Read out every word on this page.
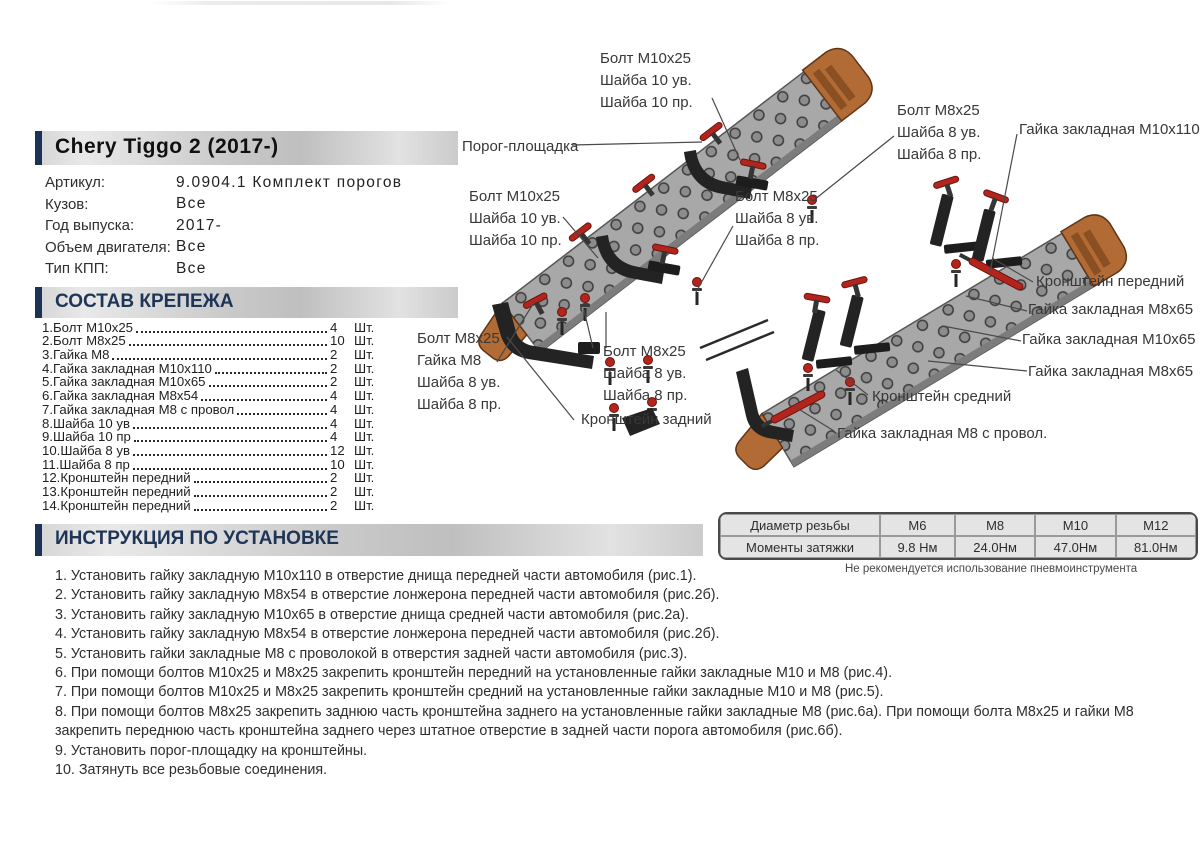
Chery Tiggo 2 (2017-)
Артикул:	9.0904.1 Комплект порогов
Кузов:	Все
Год выпуска:	2017-
Объем двигателя: Все
Тип КПП:	Все
СОСТАВ КРЕПЕЖА
1.Болт М10х25	4	Шт.
2.Болт М8х25	10 Шт.
3.Гайка М8	2	Шт.
4.Гайка закладная М10х110	2	Шт.
5.Гайка закладная М10х65	2	Шт.
6.Гайка закладная М8х54	4	Шт.
7.Гайка закладная М8 с провол	4	Шт.
8.Шайба 10 ув	4	Шт.
9.Шайба 10 пр	4	Шт.
10.Шайба 8 ув	12 Шт.
11.Шайба 8 пр	10 Шт.
12.Кронштейн передний	2	Шт.
13.Кронштейн передний	2	Шт.
14.Кронштейн передний	2	Шт.
ИНСТРУКЦИЯ ПО УСТАНОВКЕ
1. Установить гайку закладную М10х110 в отверстие днища передней части автомобиля (рис.1).
2. Установить гайку закладную М8х54 в отверстие лонжерона передней части автомобиля (рис.2б).
3. Установить гайку закладную М10х65 в отверстие днища средней части автомобиля (рис.2а).
4. Установить гайку закладную М8х54 в отверстие лонжерона передней части автомобиля (рис.2б).
5. Установить гайки закладные М8 с проволокой в отверстия задней части автомобиля (рис.3).
6. При помощи болтов М10х25 и М8х25 закрепить кронштейн передний на установленные гайки закладные М10 и М8 (рис.4).
7. При помощи болтов М10х25 и М8х25 закрепить кронштейн средний на установленные гайки закладные М10 и М8 (рис.5).
8. При помощи болтов М8х25 закрепить заднюю часть кронштейна заднего на установленные гайки закладные М8 (рис.6а). При помощи болта М8х25 и гайки М8 закрепить переднюю часть кронштейна заднего через штатное отверстие в задней части порога автомобиля (рис.6б).
9. Установить порог-площадку на кронштейны.
10. Затянуть все резьбовые соединения.
Диаметр резьбы	М6	М8	М10	М12
Моменты затяжки	9.8 Нм	24.0Нм	47.0Нм	81.0Нм
Не рекомендуется использование пневмоинструмента
Порог-площадка
Болт М10х25
Шайба 10 ув.
Шайба 10 пр.	Болт М8х25
Шайба 8 ув.
Шайба 8 пр.
Гайка закладная М10х110
Болт М10х25
Шайба 10 ув.
Шайба 10 пр.
Болт М8х25
Шайба 8 ув.
Шайба 8 пр.
Болт М8х25
Гайка М8
Шайба 8 ув.
Шайба 8 пр.
Болт М8х25
Шайба 8 ув.
Шайба 8 пр.
Кронштейн задний
Кронштейн передний
Гайка закладная М8х65
Гайка закладная М10х65
Гайка закладная М8х65
Кронштейн средний
Гайка закладная М8 с провол.
